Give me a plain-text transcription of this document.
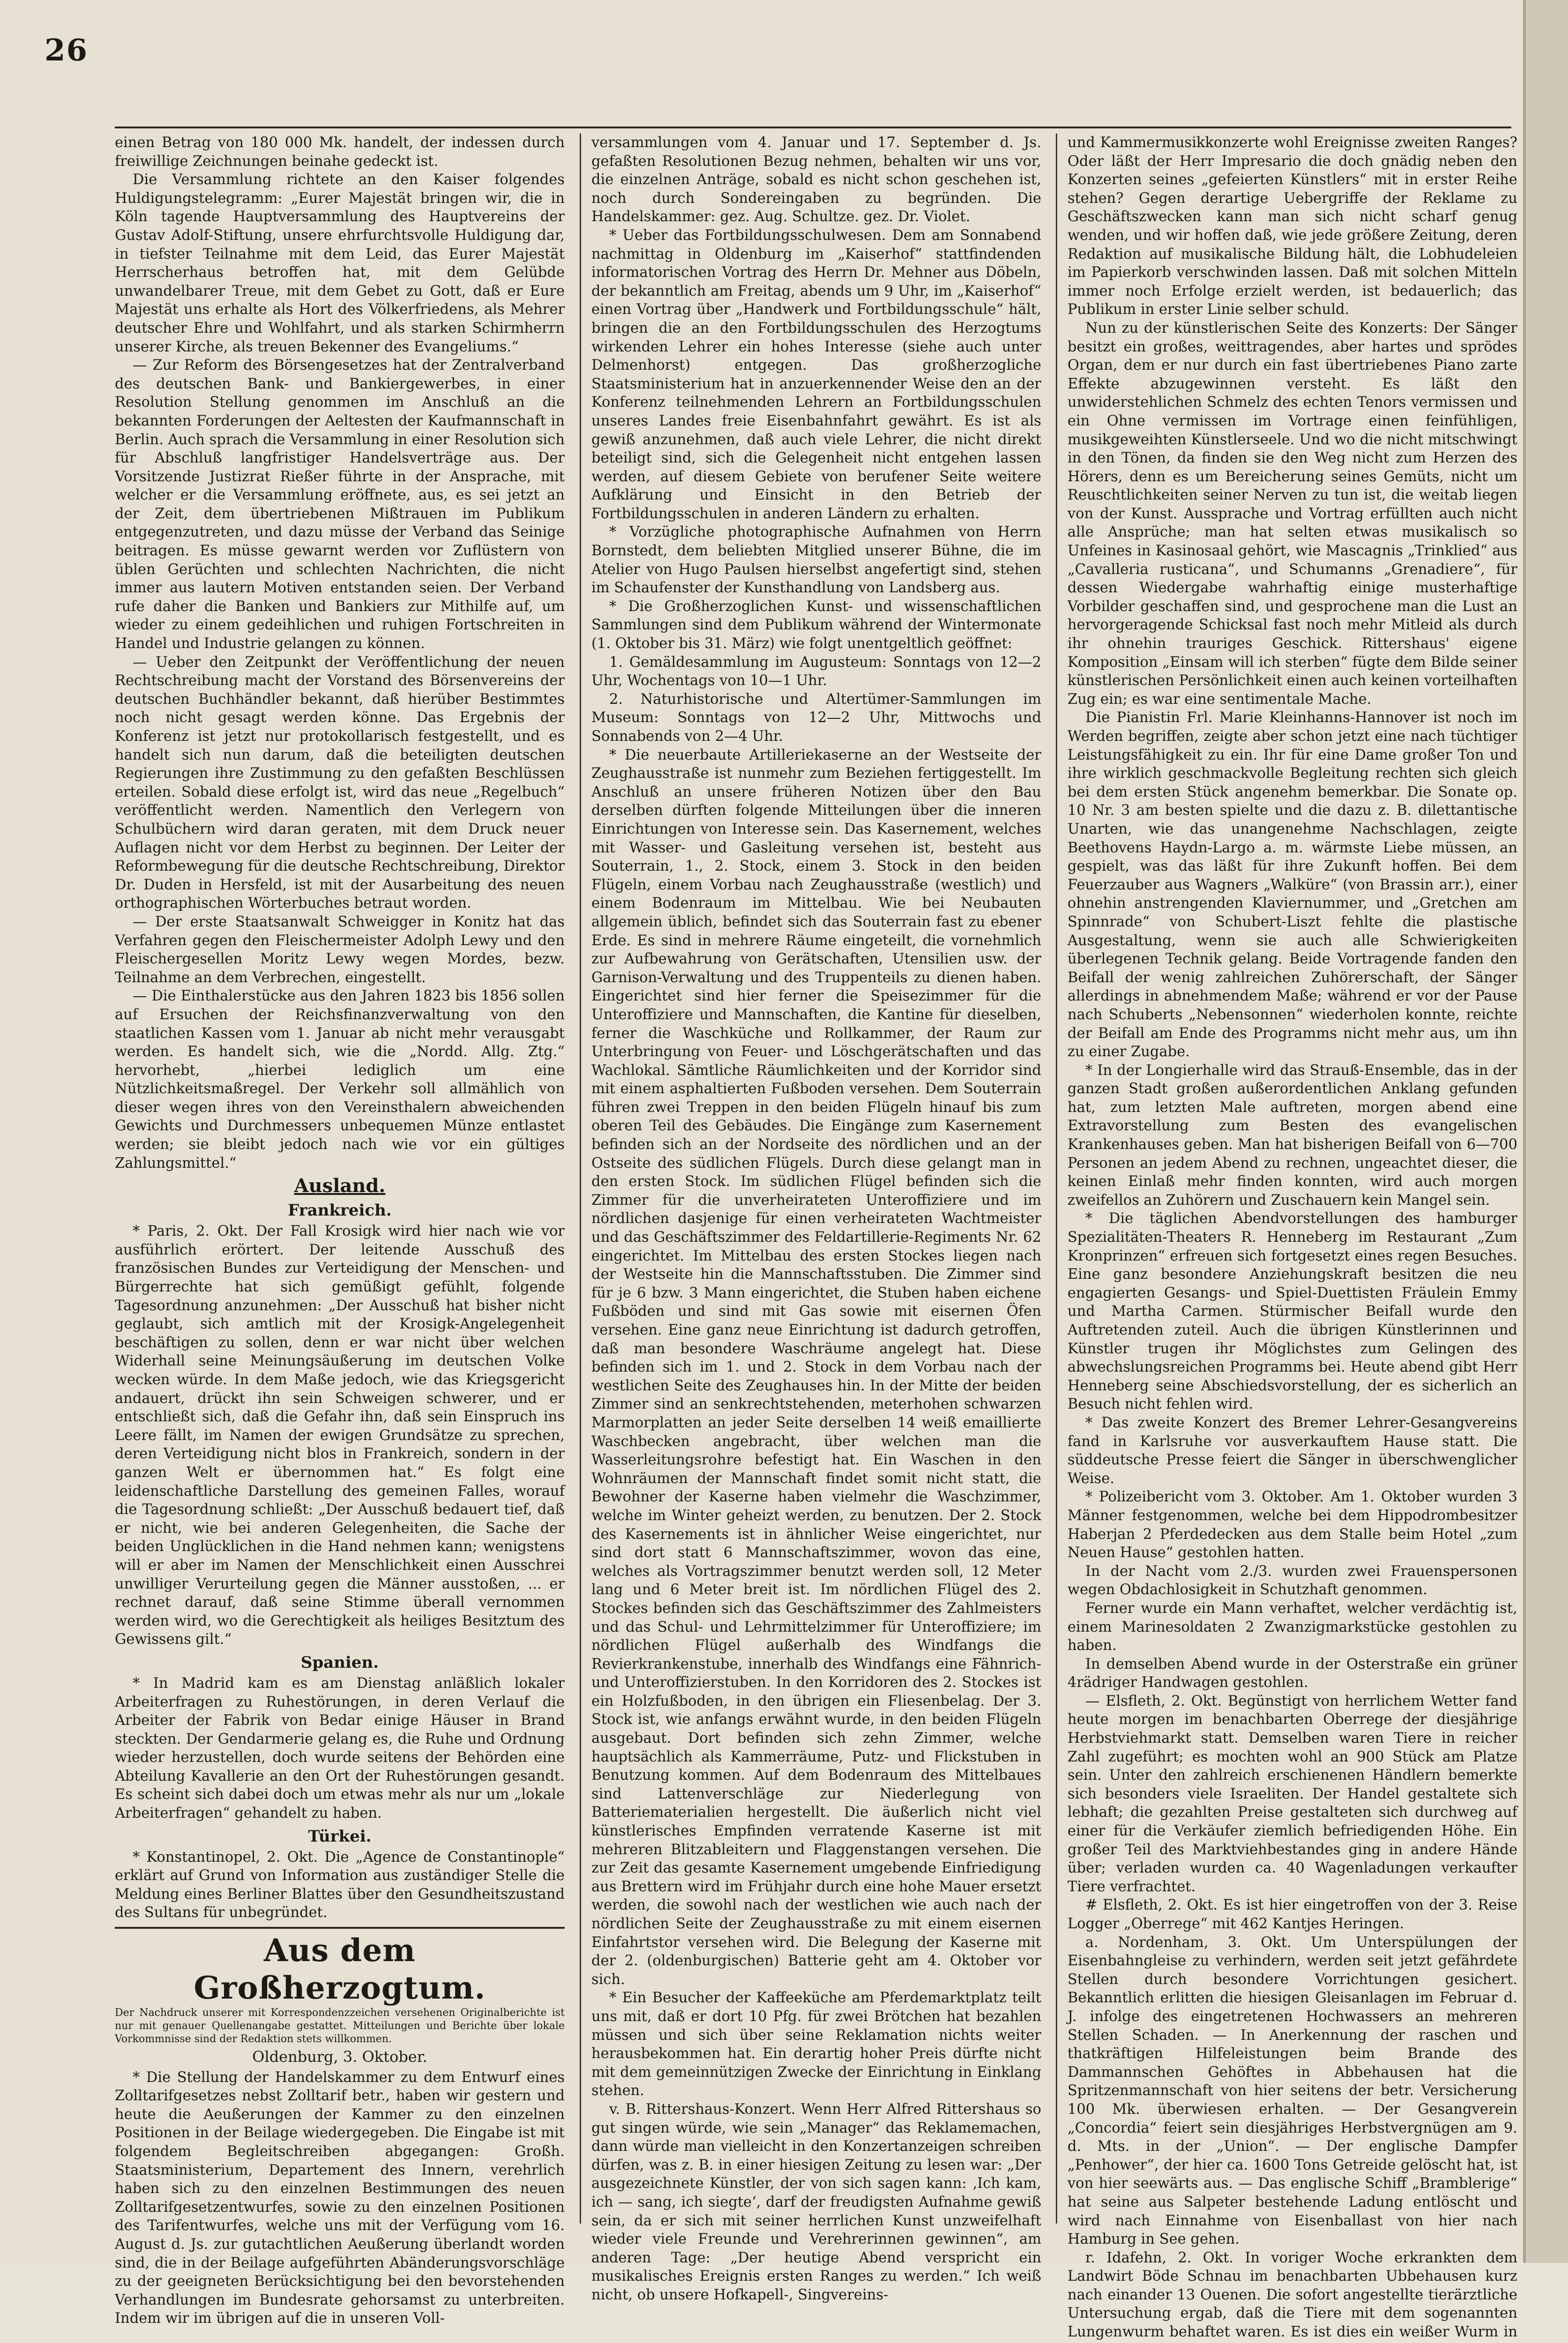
26

einen Betrag von 180 000 Mk. handelt, der indessen durch freiwillige Zeichnungen beinahe gedeckt ist.

Die Versammlung richtete an den Kaiser folgendes Huldigungstelegramm: „Eurer Majestät bringen wir, die in Köln tagende Hauptversammlung des Hauptvereins der Gustav Adolf-Stiftung, unsere ehrfurchtsvolle Huldigung dar, in tiefster Teilnahme mit dem Leid, das Eurer Majestät Herrscherhaus betroffen hat, mit dem Gelübde unwandelbarer Treue, mit dem Gebet zu Gott, daß er Eure Majestät uns erhalte als Hort des Völkerfriedens, als Mehrer deutscher Ehre und Wohlfahrt, und als starken Schirmherrn unserer Kirche, als treuen Bekenner des Evangeliums.“

— Zur Reform des Börsengesetzes hat der Zentralverband des deutschen Bank- und Bankiergewerbes, in einer Resolution Stellung genommen im Anschluß an die bekannten Forderungen der Aeltesten der Kaufmannschaft in Berlin. Auch sprach die Versammlung in einer Resolution sich für Abschluß langfristiger Handelsverträge aus. Der Vorsitzende Justizrat Rießer führte in der Ansprache, mit welcher er die Versammlung eröffnete, aus, es sei jetzt an der Zeit, dem übertriebenen Mißtrauen im Publikum entgegenzutreten, und dazu müsse der Verband das Seinige beitragen. Es müsse gewarnt werden vor Zuflüstern von üblen Gerüchten und schlechten Nachrichten, die nicht immer aus lautern Motiven entstanden seien. Der Verband rufe daher die Banken und Bankiers zur Mithilfe auf, um wieder zu einem gedeihlichen und ruhigen Fortschreiten in Handel und Industrie gelangen zu können.

— Ueber den Zeitpunkt der Veröffentlichung der neuen Rechtschreibung macht der Vorstand des Börsenvereins der deutschen Buchhändler bekannt, daß hierüber Bestimmtes noch nicht gesagt werden könne. Das Ergebnis der Konferenz ist jetzt nur protokollarisch festgestellt, und es handelt sich nun darum, daß die beteiligten deutschen Regierungen ihre Zustimmung zu den gefaßten Beschlüssen erteilen. Sobald diese erfolgt ist, wird das neue „Regelbuch“ veröffentlicht werden. Namentlich den Verlegern von Schulbüchern wird daran geraten, mit dem Druck neuer Auflagen nicht vor dem Herbst zu beginnen. Der Leiter der Reformbewegung für die deutsche Rechtschreibung, Direktor Dr. Duden in Hersfeld, ist mit der Ausarbeitung des neuen orthographischen Wörterbuches betraut worden.

— Der erste Staatsanwalt Schweigger in Konitz hat das Verfahren gegen den Fleischermeister Adolph Lewy und den Fleischergesellen Moritz Lewy wegen Mordes, bezw. Teilnahme an dem Verbrechen, eingestellt.

— Die Einthalerstücke aus den Jahren 1823 bis 1856 sollen auf Ersuchen der Reichsfinanzverwaltung von den staatlichen Kassen vom 1. Januar ab nicht mehr verausgabt werden. Es handelt sich, wie die „Nordd. Allg. Ztg.“ hervorhebt, „hierbei lediglich um eine Nützlichkeitsmaßregel. Der Verkehr soll allmählich von dieser wegen ihres von den Vereinsthalern abweichenden Gewichts und Durchmessers unbequemen Münze entlastet werden; sie bleibt jedoch nach wie vor ein gültiges Zahlungsmittel.“

Ausland.
Frankreich.

* Paris, 2. Okt. Der Fall Krosigk wird hier nach wie vor ausführlich erörtert. Der leitende Ausschuß des französischen Bundes zur Verteidigung der Menschen- und Bürgerrechte hat sich gemüßigt gefühlt, folgende Tagesordnung anzunehmen: „Der Ausschuß hat bisher nicht geglaubt, sich amtlich mit der Krosigk-Angelegenheit beschäftigen zu sollen, denn er war nicht über welchen Widerhall seine Meinungsäußerung im deutschen Volke wecken würde. In dem Maße jedoch, wie das Kriegsgericht andauert, drückt ihn sein Schweigen schwerer, und er entschließt sich, daß die Gefahr ihn, daß sein Einspruch ins Leere fällt, im Namen der ewigen Grundsätze zu sprechen, deren Verteidigung nicht blos in Frankreich, sondern in der ganzen Welt er übernommen hat.“ Es folgt eine leidenschaftliche Darstellung des gemeinen Falles, worauf die Tagesordnung schließt: „Der Ausschuß bedauert tief, daß er nicht, wie bei anderen Gelegenheiten, die Sache der beiden Unglücklichen in die Hand nehmen kann; wenigstens will er aber im Namen der Menschlichkeit einen Ausschrei unwilliger Verurteilung gegen die Männer ausstoßen, ... er rechnet darauf, daß seine Stimme überall vernommen werden wird, wo die Gerechtigkeit als heiliges Besitztum des Gewissens gilt.“

Spanien.

* In Madrid kam es am Dienstag anläßlich lokaler Arbeiterfragen zu Ruhestörungen, in deren Verlauf die Arbeiter der Fabrik von Bedar einige Häuser in Brand steckten. Der Gendarmerie gelang es, die Ruhe und Ordnung wieder herzustellen, doch wurde seitens der Behörden eine Abteilung Kavallerie an den Ort der Ruhestörungen gesandt. Es scheint sich dabei doch um etwas mehr als nur um „lokale Arbeiterfragen“ gehandelt zu haben.

Türkei.

* Konstantinopel, 2. Okt. Die „Agence de Constantinople“ erklärt auf Grund von Information aus zuständiger Stelle die Meldung eines Berliner Blattes über den Gesundheitszustand des Sultans für unbegründet.

Aus dem Großherzogtum.

Der Nachdruck unserer mit Korrespondenzzeichen versehenen Originalberichte ist nur mit genauer Quellenangabe gestattet. Mitteilungen und Berichte über lokale Vorkommnisse sind der Redaktion stets willkommen.

Oldenburg, 3. Oktober.

* Die Stellung der Handelskammer zu dem Entwurf eines Zolltarifgesetzes nebst Zolltarif betr., haben wir gestern und heute die Aeußerungen der Kammer zu den einzelnen Positionen in der Beilage wiedergegeben. Die Eingabe ist mit folgendem Begleitschreiben abgegangen: Großh. Staatsministerium, Departement des Innern, verehrlich haben sich zu den einzelnen Bestimmungen des neuen Zolltarifgesetzentwurfes, sowie zu den einzelnen Positionen des Tarifentwurfes, welche uns mit der Verfügung vom 16. August d. Js. zur gutachtlichen Aeußerung überlandt worden sind, die in der Beilage aufgeführten Abänderungsvorschläge zu der geeigneten Berücksichtigung bei den bevorstehenden Verhandlungen im Bundesrate gehorsamst zu unterbreiten. Indem wir im übrigen auf die in unseren Voll-

versammlungen vom 4. Januar und 17. September d. Js. gefaßten Resolutionen Bezug nehmen, behalten wir uns vor, die einzelnen Anträge, sobald es nicht schon geschehen ist, noch durch Sondereingaben zu begründen. Die Handelskammer: gez. Aug. Schultze. gez. Dr. Violet.

* Ueber das Fortbildungsschulwesen. Dem am Sonnabend nachmittag in Oldenburg im „Kaiserhof“ stattfindenden informatorischen Vortrag des Herrn Dr. Mehner aus Döbeln, der bekanntlich am Freitag, abends um 9 Uhr, im „Kaiserhof“ einen Vortrag über „Handwerk und Fortbildungsschule“ hält, bringen die an den Fortbildungsschulen des Herzogtums wirkenden Lehrer ein hohes Interesse (siehe auch unter Delmenhorst) entgegen. Das großherzogliche Staatsministerium hat in anzuerkennender Weise den an der Konferenz teilnehmenden Lehrern an Fortbildungsschulen unseres Landes freie Eisenbahnfahrt gewährt. Es ist als gewiß anzunehmen, daß auch viele Lehrer, die nicht direkt beteiligt sind, sich die Gelegenheit nicht entgehen lassen werden, auf diesem Gebiete von berufener Seite weitere Aufklärung und Einsicht in den Betrieb der Fortbildungsschulen in anderen Ländern zu erhalten.

* Vorzügliche photographische Aufnahmen von Herrn Bornstedt, dem beliebten Mitglied unserer Bühne, die im Atelier von Hugo Paulsen hierselbst angefertigt sind, stehen im Schaufenster der Kunsthandlung von Landsberg aus.

* Die Großherzoglichen Kunst- und wissenschaftlichen Sammlungen sind dem Publikum während der Wintermonate (1. Oktober bis 31. März) wie folgt unentgeltlich geöffnet:

1. Gemäldesammlung im Augusteum: Sonntags von 12—2 Uhr, Wochentags von 10—1 Uhr.

2. Naturhistorische und Altertümer-Sammlungen im Museum: Sonntags von 12—2 Uhr, Mittwochs und Sonnabends von 2—4 Uhr.

* Die neuerbaute Artilleriekaserne an der Westseite der Zeughausstraße ist nunmehr zum Beziehen fertiggestellt. Im Anschluß an unsere früheren Notizen über den Bau derselben dürften folgende Mitteilungen über die inneren Einrichtungen von Interesse sein. Das Kasernement, welches mit Wasser- und Gasleitung versehen ist, besteht aus Souterrain, 1., 2. Stock, einem 3. Stock in den beiden Flügeln, einem Vorbau nach Zeughausstraße (westlich) und einem Bodenraum im Mittelbau. Wie bei Neubauten allgemein üblich, befindet sich das Souterrain fast zu ebener Erde. Es sind in mehrere Räume eingeteilt, die vornehmlich zur Aufbewahrung von Gerätschaften, Utensilien usw. der Garnison-Verwaltung und des Truppenteils zu dienen haben. Eingerichtet sind hier ferner die Speisezimmer für die Unteroffiziere und Mannschaften, die Kantine für dieselben, ferner die Waschküche und Rollkammer, der Raum zur Unterbringung von Feuer- und Löschgerätschaften und das Wachlokal. Sämtliche Räumlichkeiten und der Korridor sind mit einem asphaltierten Fußboden versehen. Dem Souterrain führen zwei Treppen in den beiden Flügeln hinauf bis zum oberen Teil des Gebäudes. Die Eingänge zum Kasernement befinden sich an der Nordseite des nördlichen und an der Ostseite des südlichen Flügels. Durch diese gelangt man in den ersten Stock. Im südlichen Flügel befinden sich die Zimmer für die unverheirateten Unteroffiziere und im nördlichen dasjenige für einen verheirateten Wachtmeister und das Geschäftszimmer des Feldartillerie-Regiments Nr. 62 eingerichtet. Im Mittelbau des ersten Stockes liegen nach der Westseite hin die Mannschaftsstuben. Die Zimmer sind für je 6 bzw. 3 Mann eingerichtet, die Stuben haben eichene Fußböden und sind mit Gas sowie mit eisernen Öfen versehen. Eine ganz neue Einrichtung ist dadurch getroffen, daß man besondere Waschräume angelegt hat. Diese befinden sich im 1. und 2. Stock in dem Vorbau nach der westlichen Seite des Zeughauses hin. In der Mitte der beiden Zimmer sind an senkrechtstehenden, meterhohen schwarzen Marmorplatten an jeder Seite derselben 14 weiß emaillierte Waschbecken angebracht, über welchen man die Wasserleitungsrohre befestigt hat. Ein Waschen in den Wohnräumen der Mannschaft findet somit nicht statt, die Bewohner der Kaserne haben vielmehr die Waschzimmer, welche im Winter geheizt werden, zu benutzen. Der 2. Stock des Kasernements ist in ähnlicher Weise eingerichtet, nur sind dort statt 6 Mannschaftszimmer, wovon das eine, welches als Vortragszimmer benutzt werden soll, 12 Meter lang und 6 Meter breit ist. Im nördlichen Flügel des 2. Stockes befinden sich das Geschäftszimmer des Zahlmeisters und das Schul- und Lehrmittelzimmer für Unteroffiziere; im nördlichen Flügel außerhalb des Windfangs die Revierkrankenstube, innerhalb des Windfangs eine Fähnrich- und Unteroffizierstuben. In den Korridoren des 2. Stockes ist ein Holzfußboden, in den übrigen ein Fliesenbelag. Der 3. Stock ist, wie anfangs erwähnt wurde, in den beiden Flügeln ausgebaut. Dort befinden sich zehn Zimmer, welche hauptsächlich als Kammerräume, Putz- und Flickstuben in Benutzung kommen. Auf dem Bodenraum des Mittelbaues sind Lattenverschläge zur Niederlegung von Batteriematerialien hergestellt. Die äußerlich nicht viel künstlerisches Empfinden verratende Kaserne ist mit mehreren Blitzableitern und Flaggenstangen versehen. Die zur Zeit das gesamte Kasernement umgebende Einfriedigung aus Brettern wird im Frühjahr durch eine hohe Mauer ersetzt werden, die sowohl nach der westlichen wie auch nach der nördlichen Seite der Zeughausstraße zu mit einem eisernen Einfahrtstor versehen wird. Die Belegung der Kaserne mit der 2. (oldenburgischen) Batterie geht am 4. Oktober vor sich.

* Ein Besucher der Kaffeeküche am Pferdemarktplatz teilt uns mit, daß er dort 10 Pfg. für zwei Brötchen hat bezahlen müssen und sich über seine Reklamation nichts weiter herausbekommen hat. Ein derartig hoher Preis dürfte nicht mit dem gemeinnützigen Zwecke der Einrichtung in Einklang stehen.

v. B. Rittershaus-Konzert. Wenn Herr Alfred Rittershaus so gut singen würde, wie sein „Manager“ das Reklamemachen, dann würde man vielleicht in den Konzertanzeigen schreiben dürfen, was z. B. in einer hiesigen Zeitung zu lesen war: „Der ausgezeichnete Künstler, der von sich sagen kann: ‚Ich kam, ich — sang, ich siegte‘, darf der freudigsten Aufnahme gewiß sein, da er sich mit seiner herrlichen Kunst unzweifelhaft wieder viele Freunde und Verehrerinnen gewinnen“, am anderen Tage: „Der heutige Abend verspricht ein musikalisches Ereignis ersten Ranges zu werden.“ Ich weiß nicht, ob unsere Hofkapell-, Singvereins-

und Kammermusikkonzerte wohl Ereignisse zweiten Ranges? Oder läßt der Herr Impresario die doch gnädig neben den Konzerten seines „gefeierten Künstlers“ mit in erster Reihe stehen? Gegen derartige Uebergriffe der Reklame zu Geschäftszwecken kann man sich nicht scharf genug wenden, und wir hoffen daß, wie jede größere Zeitung, deren Redaktion auf musikalische Bildung hält, die Lobhudeleien im Papierkorb verschwinden lassen. Daß mit solchen Mitteln immer noch Erfolge erzielt werden, ist bedauerlich; das Publikum in erster Linie selber schuld.

Nun zu der künstlerischen Seite des Konzerts: Der Sänger besitzt ein großes, weittragendes, aber hartes und sprödes Organ, dem er nur durch ein fast übertriebenes Piano zarte Effekte abzugewinnen versteht. Es läßt den unwiderstehlichen Schmelz des echten Tenors vermissen und ein Ohne vermissen im Vortrage einen feinfühligen, musikgeweihten Künstlerseele. Und wo die nicht mitschwingt in den Tönen, da finden sie den Weg nicht zum Herzen des Hörers, denn es um Bereicherung seines Gemüts, nicht um Reuschtlichkeiten seiner Nerven zu tun ist, die weitab liegen von der Kunst. Aussprache und Vortrag erfüllten auch nicht alle Ansprüche; man hat selten etwas musikalisch so Unfeines in Kasinosaal gehört, wie Mascagnis „Trinklied“ aus „Cavalleria rusticana“, und Schumanns „Grenadiere“, für dessen Wiedergabe wahrhaftig einige musterhaftige Vorbilder geschaffen sind, und gesprochene man die Lust an hervorgeragende Schicksal fast noch mehr Mitleid als durch ihr ohnehin trauriges Geschick. Rittershaus' eigene Komposition „Einsam will ich sterben“ fügte dem Bilde seiner künstlerischen Persönlichkeit einen auch keinen vorteilhaften Zug ein; es war eine sentimentale Mache.

Die Pianistin Frl. Marie Kleinhanns-Hannover ist noch im Werden begriffen, zeigte aber schon jetzt eine nach tüchtiger Leistungsfähigkeit zu ein. Ihr für eine Dame großer Ton und ihre wirklich geschmackvolle Begleitung rechten sich gleich bei dem ersten Stück angenehm bemerkbar. Die Sonate op. 10 Nr. 3 am besten spielte und die dazu z. B. dilettantische Unarten, wie das unangenehme Nachschlagen, zeigte Beethovens Haydn-Largo a. m. wärmste Liebe müssen, an gespielt, was das läßt für ihre Zukunft hoffen. Bei dem Feuerzauber aus Wagners „Walküre“ (von Brassin arr.), einer ohnehin anstrengenden Klaviernummer, und „Gretchen am Spinnrade“ von Schubert-Liszt fehlte die plastische Ausgestaltung, wenn sie auch alle Schwierigkeiten überlegenen Technik gelang. Beide Vortragende fanden den Beifall der wenig zahlreichen Zuhörerschaft, der Sänger allerdings in abnehmendem Maße; während er vor der Pause nach Schuberts „Nebensonnen“ wiederholen konnte, reichte der Beifall am Ende des Programms nicht mehr aus, um ihn zu einer Zugabe.

* In der Longierhalle wird das Strauß-Ensemble, das in der ganzen Stadt großen außerordentlichen Anklang gefunden hat, zum letzten Male auftreten, morgen abend eine Extravorstellung zum Besten des evangelischen Krankenhauses geben. Man hat bisherigen Beifall von 6—700 Personen an jedem Abend zu rechnen, ungeachtet dieser, die keinen Einlaß mehr finden konnten, wird auch morgen zweifellos an Zuhörern und Zuschauern kein Mangel sein.

* Die täglichen Abendvorstellungen des hamburger Spezialitäten-Theaters R. Henneberg im Restaurant „Zum Kronprinzen“ erfreuen sich fortgesetzt eines regen Besuches. Eine ganz besondere Anziehungskraft besitzen die neu engagierten Gesangs- und Spiel-Duettisten Fräulein Emmy und Martha Carmen. Stürmischer Beifall wurde den Auftretenden zuteil. Auch die übrigen Künstlerinnen und Künstler trugen ihr Möglichstes zum Gelingen des abwechslungsreichen Programms bei. Heute abend gibt Herr Henneberg seine Abschiedsvorstellung, der es sicherlich an Besuch nicht fehlen wird.

* Das zweite Konzert des Bremer Lehrer-Gesangvereins fand in Karlsruhe vor ausverkauftem Hause statt. Die süddeutsche Presse feiert die Sänger in überschwenglicher Weise.

* Polizeibericht vom 3. Oktober. Am 1. Oktober wurden 3 Männer festgenommen, welche bei dem Hippodrombesitzer Haberjan 2 Pferdedecken aus dem Stalle beim Hotel „zum Neuen Hause“ gestohlen hatten.

In der Nacht vom 2./3. wurden zwei Frauenspersonen wegen Obdachlosigkeit in Schutzhaft genommen.

Ferner wurde ein Mann verhaftet, welcher verdächtig ist, einem Marinesoldaten 2 Zwanzigmarkstücke gestohlen zu haben.

In demselben Abend wurde in der Osterstraße ein grüner 4rädriger Handwagen gestohlen.

— Elsfleth, 2. Okt. Begünstigt von herrlichem Wetter fand heute morgen im benachbarten Oberrege der diesjährige Herbstviehmarkt statt. Demselben waren Tiere in reicher Zahl zugeführt; es mochten wohl an 900 Stück am Platze sein. Unter den zahlreich erschienenen Händlern bemerkte sich besonders viele Israeliten. Der Handel gestaltete sich lebhaft; die gezahlten Preise gestalteten sich durchweg auf einer für die Verkäufer ziemlich befriedigenden Höhe. Ein großer Teil des Marktviehbestandes ging in andere Hände über; verladen wurden ca. 40 Wagenladungen verkaufter Tiere verfrachtet.

# Elsfleth, 2. Okt. Es ist hier eingetroffen von der 3. Reise Logger „Oberrege“ mit 462 Kantjes Heringen.

a. Nordenham, 3. Okt. Um Unterspülungen der Eisenbahngleise zu verhindern, werden seit jetzt gefährdete Stellen durch besondere Vorrichtungen gesichert. Bekanntlich erlitten die hiesigen Gleisanlagen im Februar d. J. infolge des eingetretenen Hochwassers an mehreren Stellen Schaden. — In Anerkennung der raschen und thatkräftigen Hilfeleistungen beim Brande des Dammannschen Gehöftes in Abbehausen hat die Spritzenmannschaft von hier seitens der betr. Versicherung 100 Mk. überwiesen erhalten. — Der Gesangverein „Concordia“ feiert sein diesjähriges Herbstvergnügen am 9. d. Mts. in der „Union“. — Der englische Dampfer „Penhower“, der hier ca. 1600 Tons Getreide gelöscht hat, ist von hier seewärts aus. — Das englische Schiff „Bramblerige“ hat seine aus Salpeter bestehende Ladung entlöscht und wird nach Einnahme von Eisenballast von hier nach Hamburg in See gehen.

r. Idafehn, 2. Okt. In voriger Woche erkrankten dem Landwirt Böde Schnau im benachbarten Ubbehausen kurz nach einander 13 Ouenen. Die sofort angestellte tierärztliche Untersuchung ergab, daß die Tiere mit dem sogenannten Lungenwurm behaftet waren. Es ist dies ein weißer Wurm in
